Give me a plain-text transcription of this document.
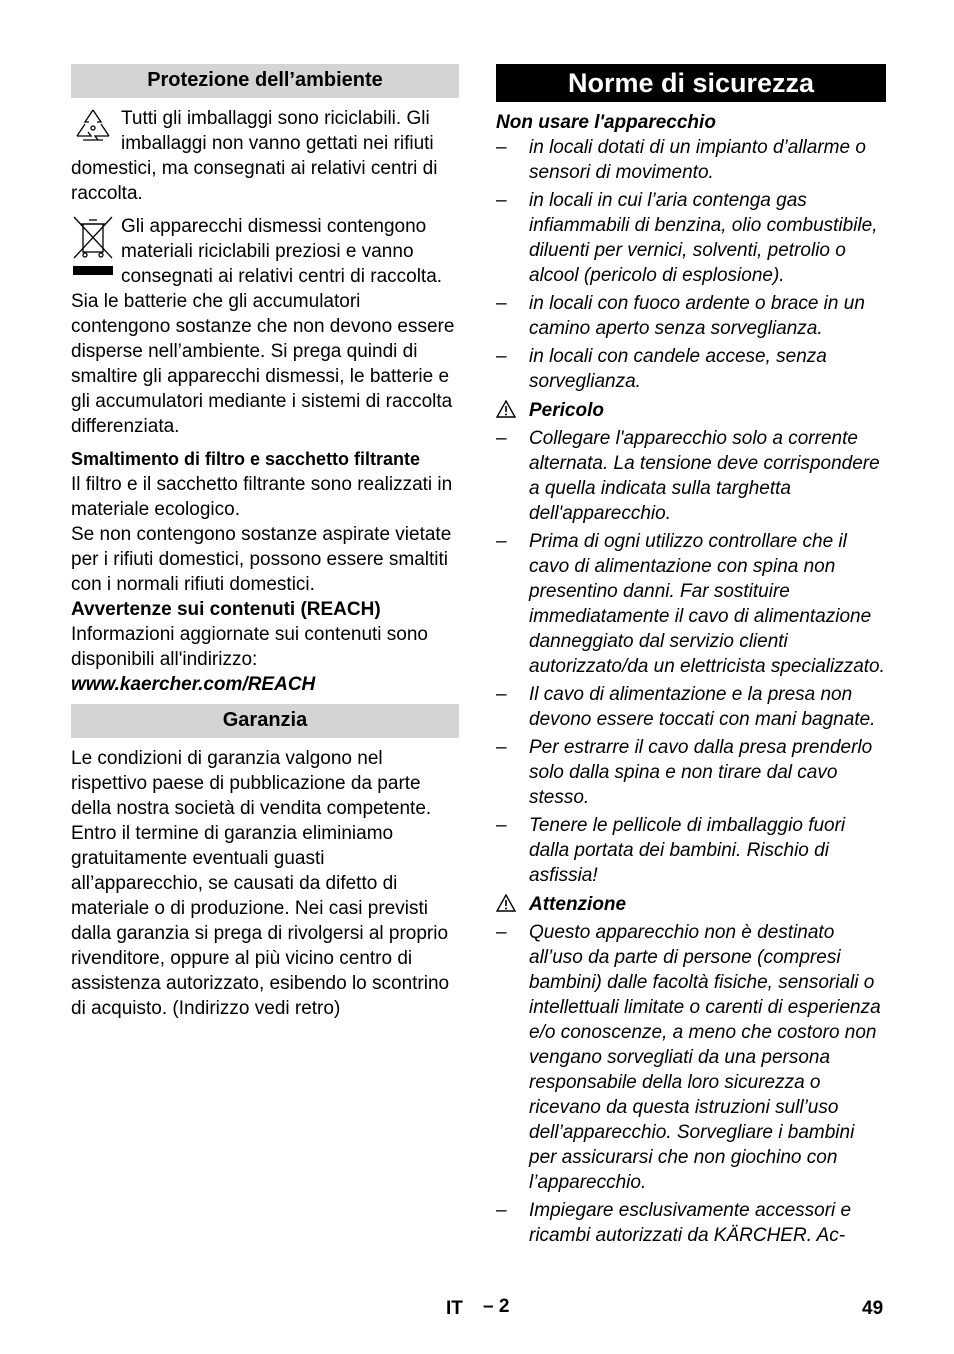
Protezione dell’ambiente

Tutti gli imballaggi sono riciclabili. Gli imballaggi non vanno gettati nei rifiuti domestici, ma consegnati ai relativi centri di raccolta.

Gli apparecchi dismessi contengono materiali riciclabili preziosi e vanno consegnati ai relativi centri di raccolta. Sia le batterie che gli accumulatori contengono sostanze che non devono essere disperse nell’ambiente. Si prega quindi di smaltire gli apparecchi dismessi, le batterie e gli accumulatori mediante i sistemi di raccolta differenziata.

Smaltimento di filtro e sacchetto filtrante

Il filtro e il sacchetto filtrante sono realizzati in materiale ecologico.

Se non contengono sostanze aspirate vietate per i rifiuti domestici, possono essere smaltiti con i normali rifiuti domestici.

Avvertenze sui contenuti (REACH)

Informazioni aggiornate sui contenuti sono disponibili all'indirizzo:

www.kaercher.com/REACH

Garanzia

Le condizioni di garanzia valgono nel rispettivo paese di pubblicazione da parte della nostra società di vendita competente. Entro il termine di garanzia eliminiamo gratuitamente eventuali guasti all’apparecchio, se causati da difetto di materiale o di produzione. Nei casi previsti dalla garanzia si prega di rivolgersi al proprio rivenditore, oppure al più vicino centro di assistenza autorizzato, esibendo lo scontrino di acquisto. (Indirizzo vedi retro)

Norme di sicurezza

Non usare l'apparecchio

– in locali dotati di un impianto d’allarme o sensori di movimento.
– in locali in cui l’aria contenga gas infiammabili di benzina, olio combustibile, diluenti per vernici, solventi, petrolio o alcool (pericolo di esplosione).
– in locali con fuoco ardente o brace in un camino aperto senza sorveglianza.
– in locali con candele accese, senza sorveglianza.
Pericolo
– Collegare l'apparecchio solo a corrente alternata. La tensione deve corrispondere a quella indicata sulla targhetta dell'apparecchio.
– Prima di ogni utilizzo controllare che il cavo di alimentazione con spina non presentino danni. Far sostituire immediatamente il cavo di alimentazione danneggiato dal servizio clienti autorizzato/da un elettricista specializzato.
– Il cavo di alimentazione e la presa non devono essere toccati con mani bagnate.
– Per estrarre il cavo dalla presa prenderlo solo dalla spina e non tirare dal cavo stesso.
– Tenere le pellicole di imballaggio fuori dalla portata dei bambini. Rischio di asfissia!
Attenzione
– Questo apparecchio non è destinato all’uso da parte di persone (compresi bambini) dalle facoltà fisiche, sensoriali o intellettuali limitate o carenti di esperienza e/o conoscenze, a meno che costoro non vengano sorvegliati da una persona responsabile della loro sicurezza o ricevano da questa istruzioni sull’uso dell’apparecchio. Sorvegliare i bambini per assicurarsi che non giochino con l’apparecchio.
– Impiegare esclusivamente accessori e ricambi autorizzati da KÄRCHER. Ac-
IT – 2	49
